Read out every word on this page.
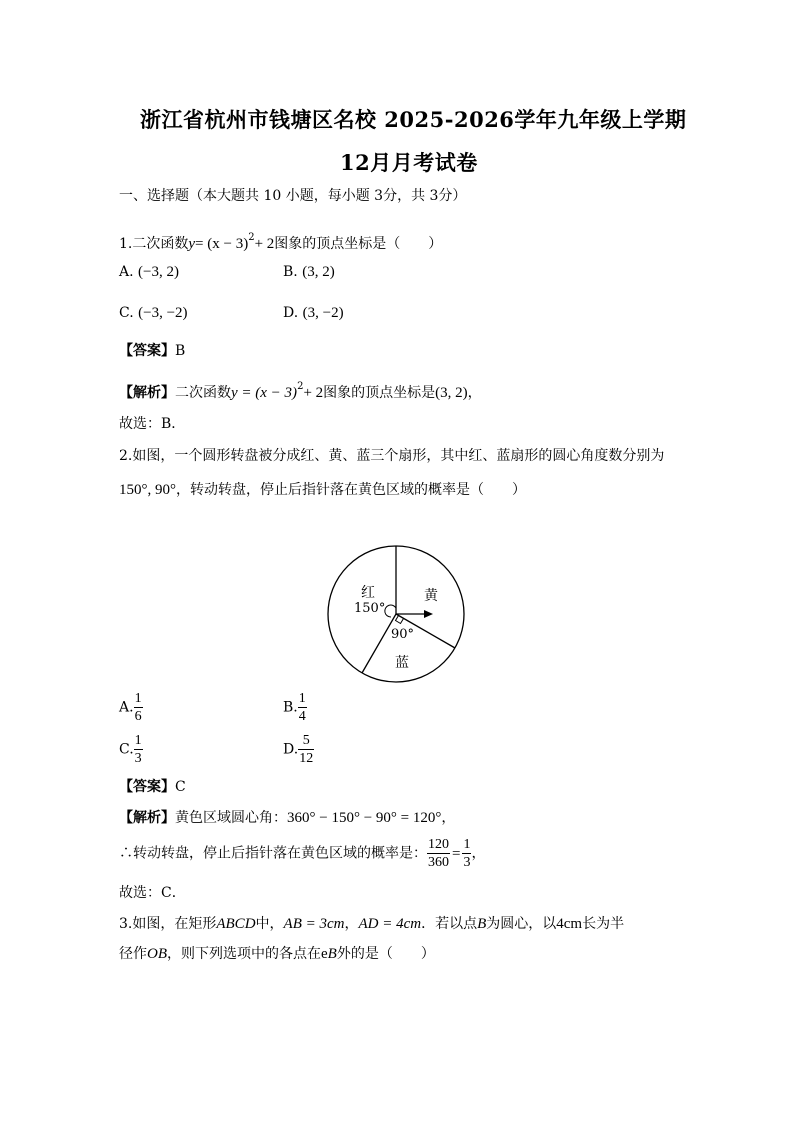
浙江省杭州市钱塘区名校 2025-2026学年九年级上学期
12月月考试卷
一、选择题（本大题共 10 小题，每小题 3分，共 3分）
1.二次函数$y= (x - 3)^2+ 2$图象的顶点坐标是（　　）
A. (−3, 2)	B. (3, 2)
C. (−3, −2)	D. (3, −2)
【答案】B
【解析】二次函数$y = (x - 3)^2+ 2$图象的顶点坐标是(3, 2)，
故选：B．
2.如图，一个圆形转盘被分成红、黄、蓝三个扇形，其中红、蓝扇形的圆心角度数分别为
150°, 90°，转动转盘，停止后指针落在黄色区域的概率是（　　）
红
150°
黄
90°
蓝
A. $\frac{1}{6}$	B. $\frac{1}{4}$
C. $\frac{1}{3}$	D. $\frac{5}{12}$
【答案】C
【解析】黄色区域圆心角：360° − 150° − 90° = 120°，
∴转动转盘，停止后指针落在黄色区域的概率是： $\frac{120}{360} = \frac{1}{3}$ ，
故选：C．
3.如图，在矩形ABCD中，AB = 3cm，AD = 4cm．若以点B为圆心，以4cm长为半
径作OB，则下列选项中的各点在eB外的是（　　）
